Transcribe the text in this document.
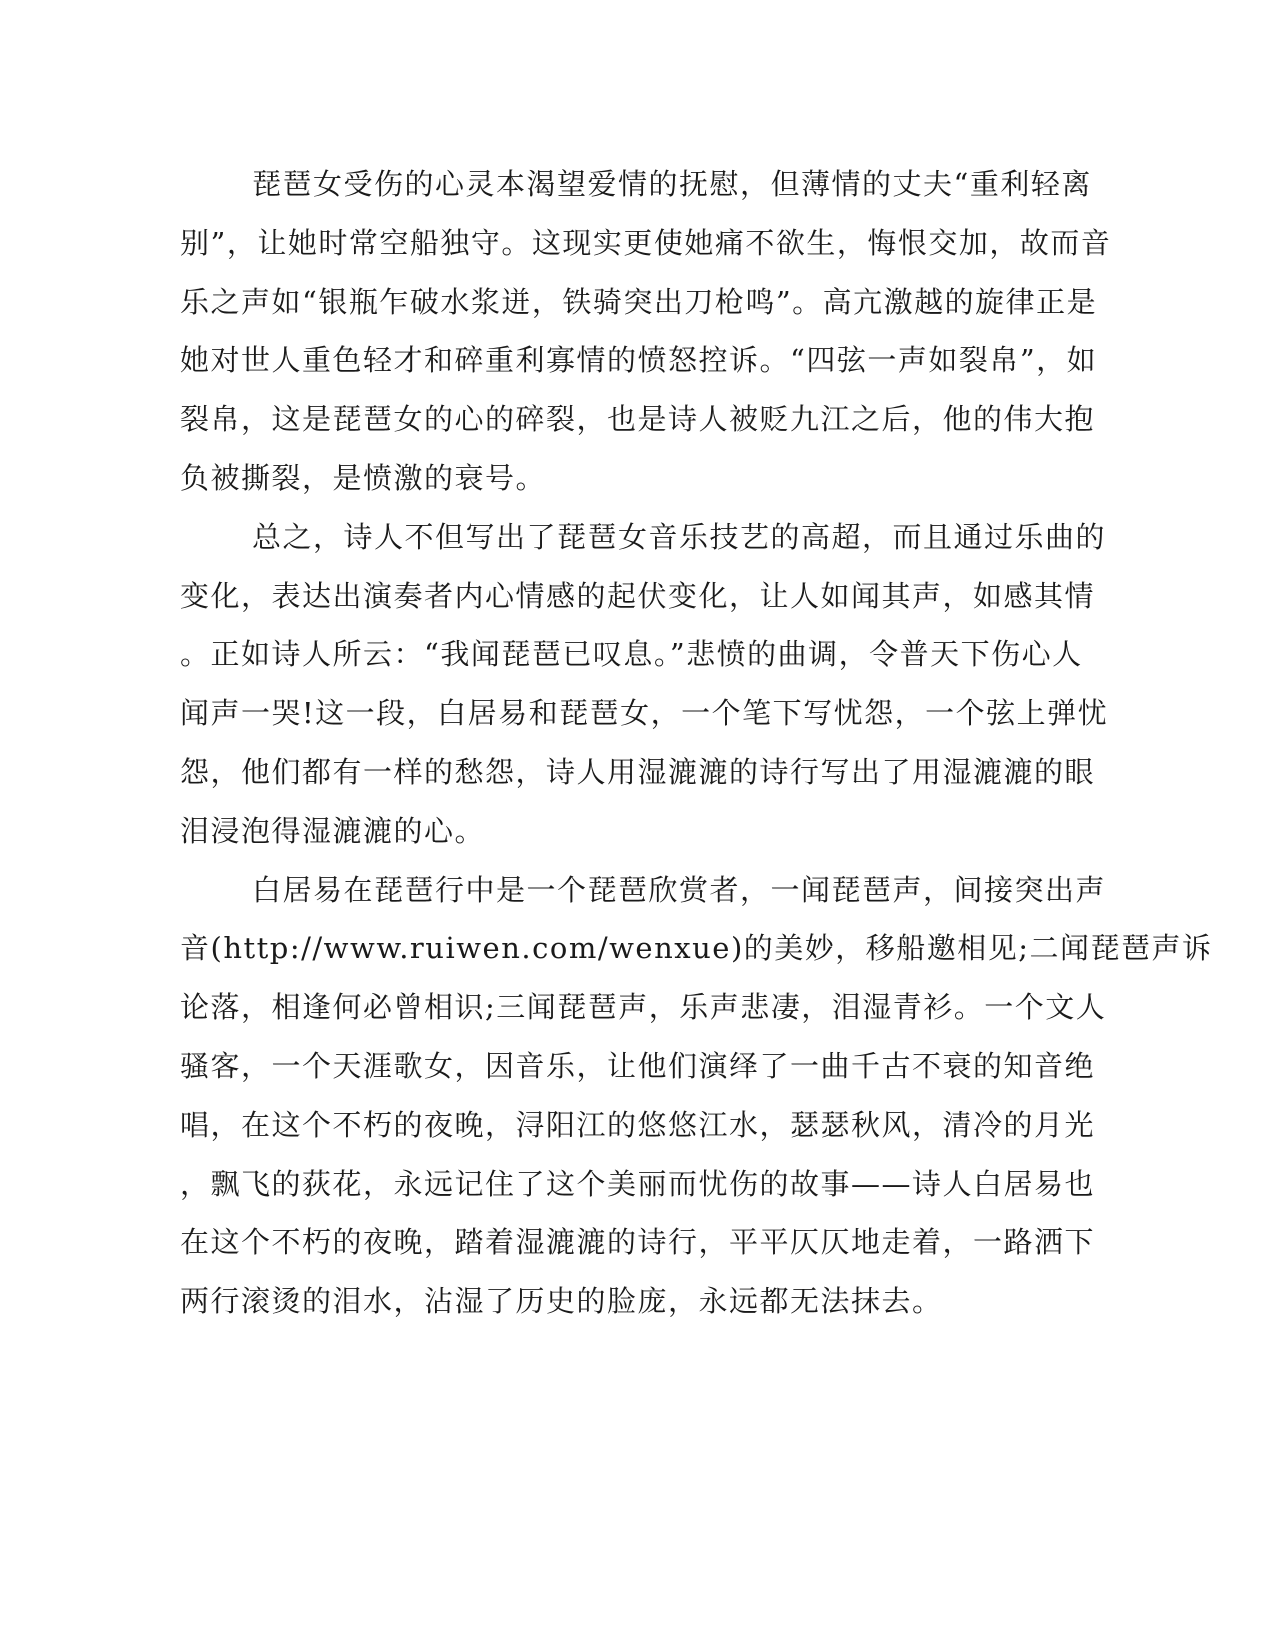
琵琶女受伤的心灵本渴望爱情的抚慰，但薄情的丈夫“重利轻离
别”，让她时常空船独守。这现实更使她痛不欲生，悔恨交加，故而音
乐之声如“银瓶乍破水浆迸，铁骑突出刀枪鸣”。高亢激越的旋律正是
她对世人重色轻才和碎重利寡情的愤怒控诉。“四弦一声如裂帛”，如
裂帛，这是琵琶女的心的碎裂，也是诗人被贬九江之后，他的伟大抱
负被撕裂，是愤激的衰号。
总之，诗人不但写出了琵琶女音乐技艺的高超，而且通过乐曲的
变化，表达出演奏者内心情感的起伏变化，让人如闻其声，如感其情
。正如诗人所云：“我闻琵琶已叹息。”悲愤的曲调，令普天下伤心人
闻声一哭!这一段，白居易和琵琶女，一个笔下写忧怨，一个弦上弹忧
怨，他们都有一样的愁怨，诗人用湿漉漉的诗行写出了用湿漉漉的眼
泪浸泡得湿漉漉的心。
白居易在琵琶行中是一个琵琶欣赏者，一闻琵琶声，间接突出声
音(http://www.ruiwen.com/wenxue)的美妙，移船邀相见;二闻琵琶声诉
论落，相逢何必曾相识;三闻琵琶声，乐声悲凄，泪湿青衫。一个文人
骚客，一个天涯歌女，因音乐，让他们演绎了一曲千古不衰的知音绝
唱，在这个不朽的夜晚，浔阳江的悠悠江水，瑟瑟秋风，清冷的月光
，飘飞的荻花，永远记住了这个美丽而忧伤的故事——诗人白居易也
在这个不朽的夜晚，踏着湿漉漉的诗行，平平仄仄地走着，一路洒下
两行滚烫的泪水，沾湿了历史的脸庞，永远都无法抹去。
